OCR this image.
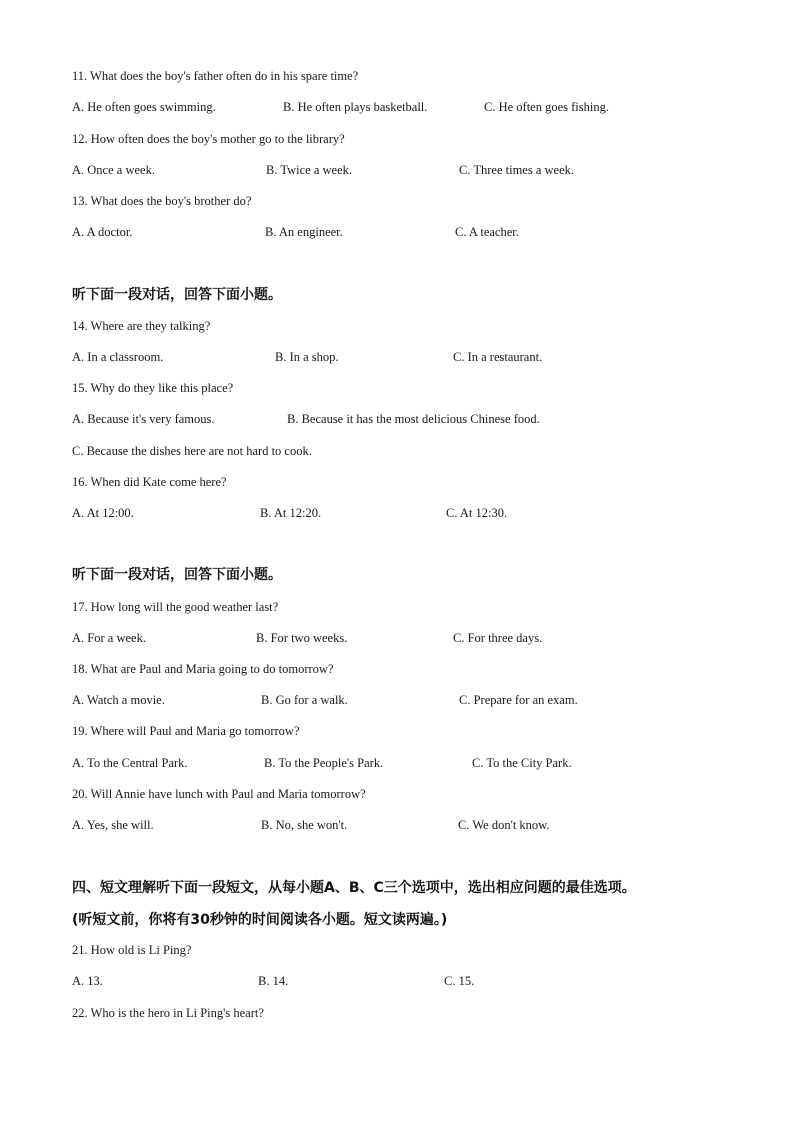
11. What does the boy's father often do in his spare time?
A. He often goes swimming.	B. He often plays basketball.	C. He often goes fishing.
12. How often does the boy's mother go to the library?
A. Once a week.	B. Twice a week.	C. Three times a week.
13. What does the boy's brother do?
A. A doctor.	B. An engineer.	C. A teacher.
听下面一段对话，回答下面小题。
14. Where are they talking?
A. In a classroom.	B. In a shop.	C. In a restaurant.
15. Why do they like this place?
A. Because it's very famous.	B. Because it has the most delicious Chinese food.
C. Because the dishes here are not hard to cook.
16. When did Kate come here?
A. At 12:00.	B. At 12:20.	C. At 12:30.
听下面一段对话，回答下面小题。
17. How long will the good weather last?
A. For a week.	B. For two weeks.	C. For three days.
18. What are Paul and Maria going to do tomorrow?
A. Watch a movie.	B. Go for a walk.	C. Prepare for an exam.
19. Where will Paul and Maria go tomorrow?
A. To the Central Park.	B. To the People's Park.	C. To the City Park.
20. Will Annie have lunch with Paul and Maria tomorrow?
A. Yes, she will.	B. No, she won't.	C. We don't know.
四、短文理解听下面一段短文，从每小题A、B、C三个选项中，选出相应问题的最佳选项。
(听短文前，你将有30秒钟的时间阅读各小题。短文读两遍。)
21. How old is Li Ping?
A. 13.	B. 14.	C. 15.
22. Who is the hero in Li Ping's heart?
